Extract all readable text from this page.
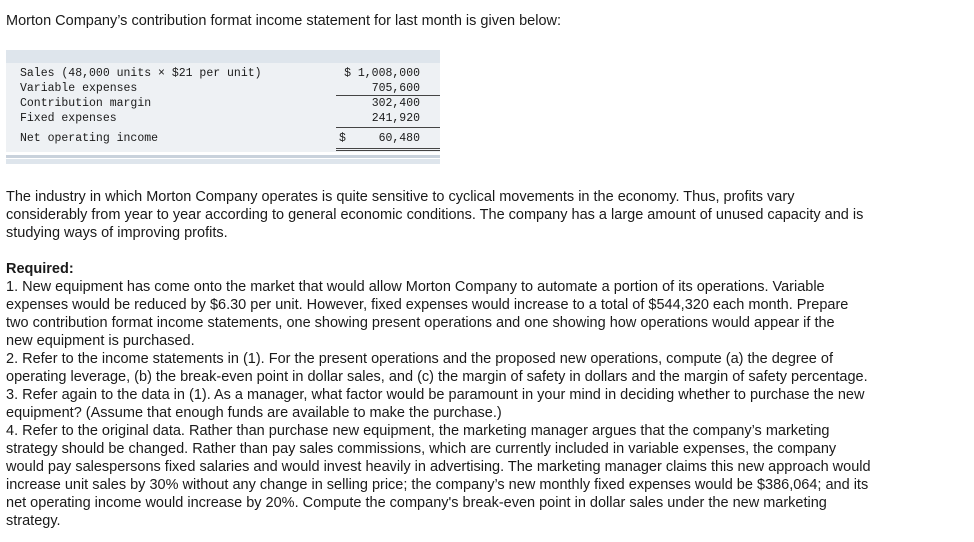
Morton Company’s contribution format income statement for last month is given below:
Sales (48,000 units × $21 per unit)	$ 1,008,000
Variable expenses	705,600
Contribution margin	302,400
Fixed expenses	241,920
Net operating income	$	60,480
The industry in which Morton Company operates is quite sensitive to cyclical movements in the economy. Thus, profits vary
considerably from year to year according to general economic conditions. The company has a large amount of unused capacity and is
studying ways of improving profits.
Required:
1. New equipment has come onto the market that would allow Morton Company to automate a portion of its operations. Variable
expenses would be reduced by $6.30 per unit. However, fixed expenses would increase to a total of $544,320 each month. Prepare
two contribution format income statements, one showing present operations and one showing how operations would appear if the
new equipment is purchased.
2. Refer to the income statements in (1). For the present operations and the proposed new operations, compute (a) the degree of
operating leverage, (b) the break-even point in dollar sales, and (c) the margin of safety in dollars and the margin of safety percentage.
3. Refer again to the data in (1). As a manager, what factor would be paramount in your mind in deciding whether to purchase the new
equipment? (Assume that enough funds are available to make the purchase.)
4. Refer to the original data. Rather than purchase new equipment, the marketing manager argues that the company’s marketing
strategy should be changed. Rather than pay sales commissions, which are currently included in variable expenses, the company
would pay salespersons fixed salaries and would invest heavily in advertising. The marketing manager claims this new approach would
increase unit sales by 30% without any change in selling price; the company’s new monthly fixed expenses would be $386,064; and its
net operating income would increase by 20%. Compute the company's break-even point in dollar sales under the new marketing
strategy.
